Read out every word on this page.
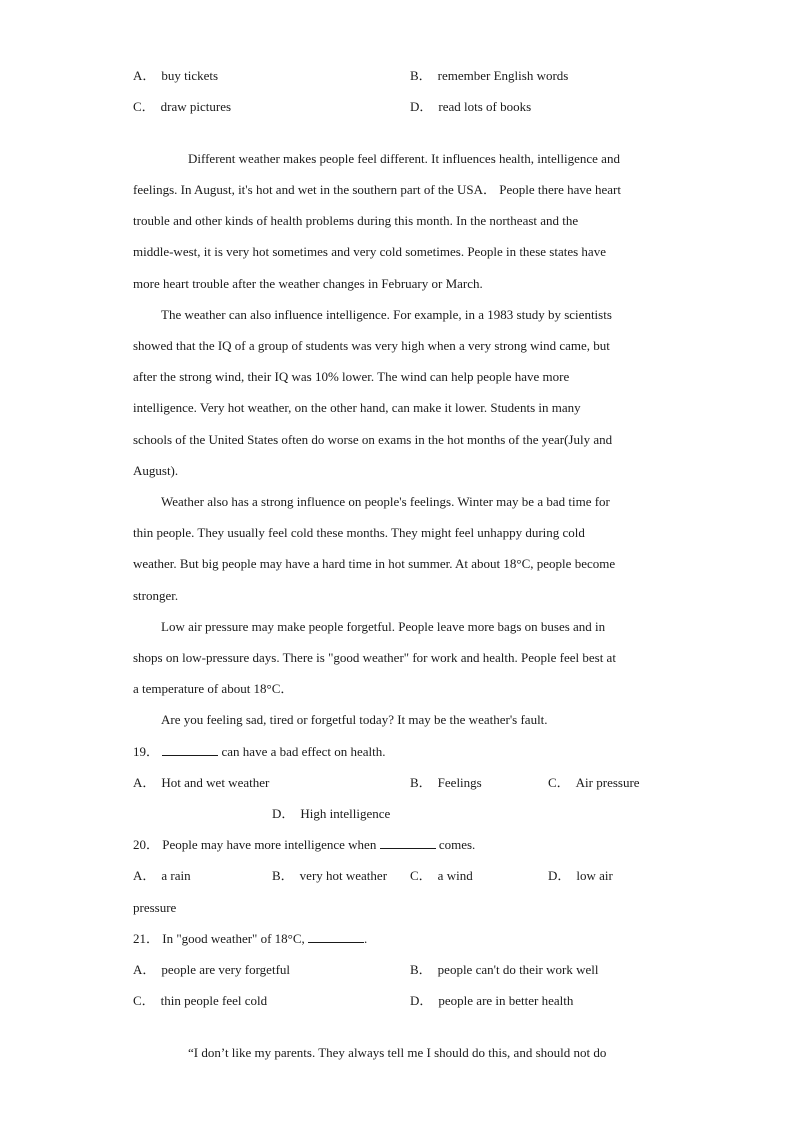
A． buy tickets	B． remember English words
C． draw pictures	D． read lots of books
Different weather makes people feel different. It influences health, intelligence and
feelings. In August, it's hot and wet in the southern part of the USA． People there have heart
trouble and other kinds of health problems during this month. In the northeast and the
middle-west, it is very hot sometimes and very cold sometimes. People in these states have
more heart trouble after the weather changes in February or March.
The weather can also influence intelligence. For example, in a 1983 study by scientists
showed that the IQ of a group of students was very high when a very strong wind came, but
after the strong wind, their IQ was 10% lower. The wind can help people have more
intelligence. Very hot weather, on the other hand, can make it lower. Students in many
schools of the United States often do worse on exams in the hot months of the year(July and
August).
Weather also has a strong influence on people's feelings. Winter may be a bad time for
thin people. They usually feel cold these months. They might feel unhappy during cold
weather. But big people may have a hard time in hot summer. At about 18°C, people become
stronger.
Low air pressure may make people forgetful. People leave more bags on buses and in
shops on low-pressure days. There is "good weather" for work and health. People feel best at
a temperature of about 18°C．
Are you feeling sad, tired or forgetful today? It may be the weather's fault.
19．	can have a bad effect on health.
A． Hot and wet weather	B． Feelings	C． Air pressure
D． High intelligence
20． People may have more intelligence when	comes.
A． a rain	B． very hot weather C． a wind	D． low air
pressure
21． In "good weather" of 18°C,	.
A． people are very forgetful	B． people can't do their work well
C． thin people feel cold	D． people are in better health
“I don’t like my parents. They always tell me I should do this, and should not do
